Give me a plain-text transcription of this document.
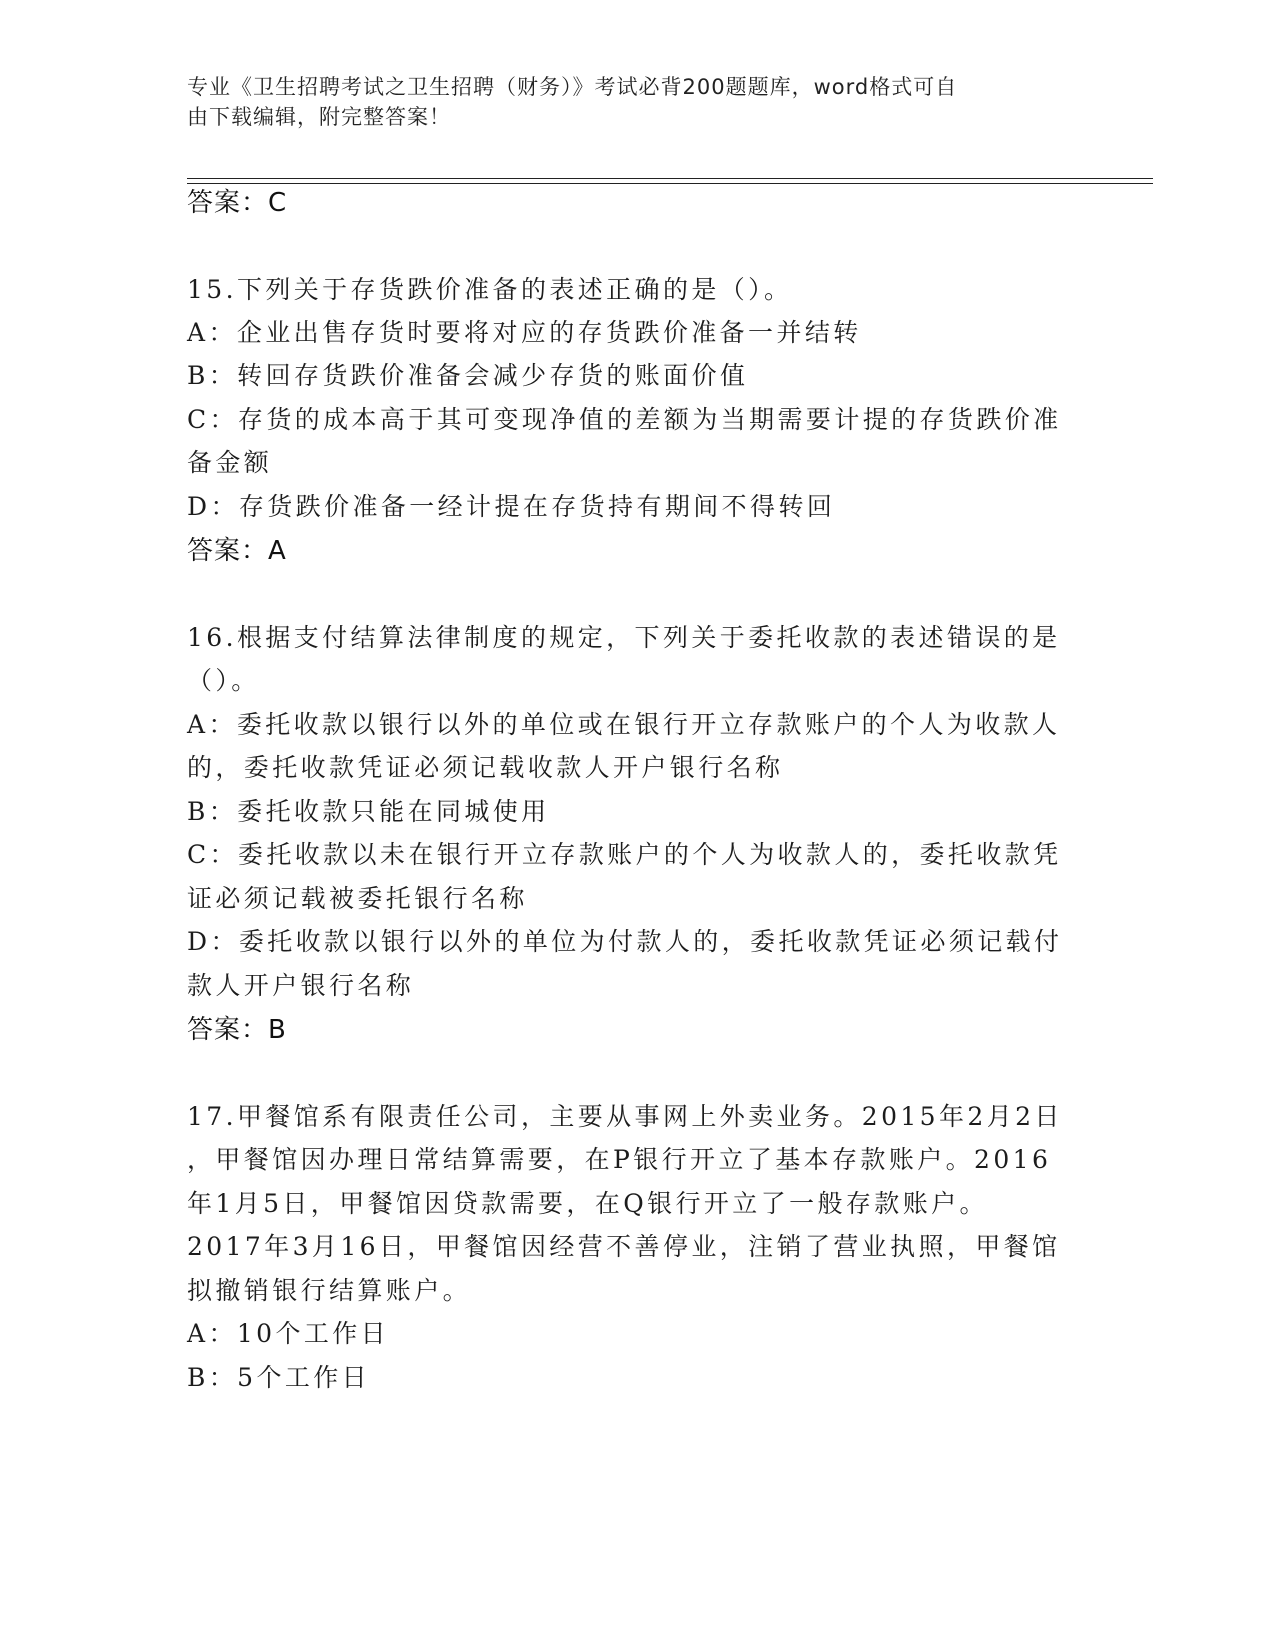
专业《卫生招聘考试之卫生招聘（财务）》考试必背200题题库，word格式可自
由下载编辑，附完整答案！
答案：C
15.下列关于存货跌价准备的表述正确的是（）。
A：企业出售存货时要将对应的存货跌价准备一并结转
B：转回存货跌价准备会减少存货的账面价值
C：存货的成本高于其可变现净值的差额为当期需要计提的存货跌价准
备金额
D：存货跌价准备一经计提在存货持有期间不得转回
答案：A
16.根据支付结算法律制度的规定，下列关于委托收款的表述错误的是
（）。
A：委托收款以银行以外的单位或在银行开立存款账户的个人为收款人
的，委托收款凭证必须记载收款人开户银行名称
B：委托收款只能在同城使用
C：委托收款以未在银行开立存款账户的个人为收款人的，委托收款凭
证必须记载被委托银行名称
D：委托收款以银行以外的单位为付款人的，委托收款凭证必须记载付
款人开户银行名称
答案：B
17.甲餐馆系有限责任公司，主要从事网上外卖业务。2015年2月2日
，甲餐馆因办理日常结算需要，在P银行开立了基本存款账户。2016
年1月5日，甲餐馆因贷款需要，在Q银行开立了一般存款账户。
2017年3月16日，甲餐馆因经营不善停业，注销了营业执照，甲餐馆
拟撤销银行结算账户。
A：10个工作日
B：5个工作日
